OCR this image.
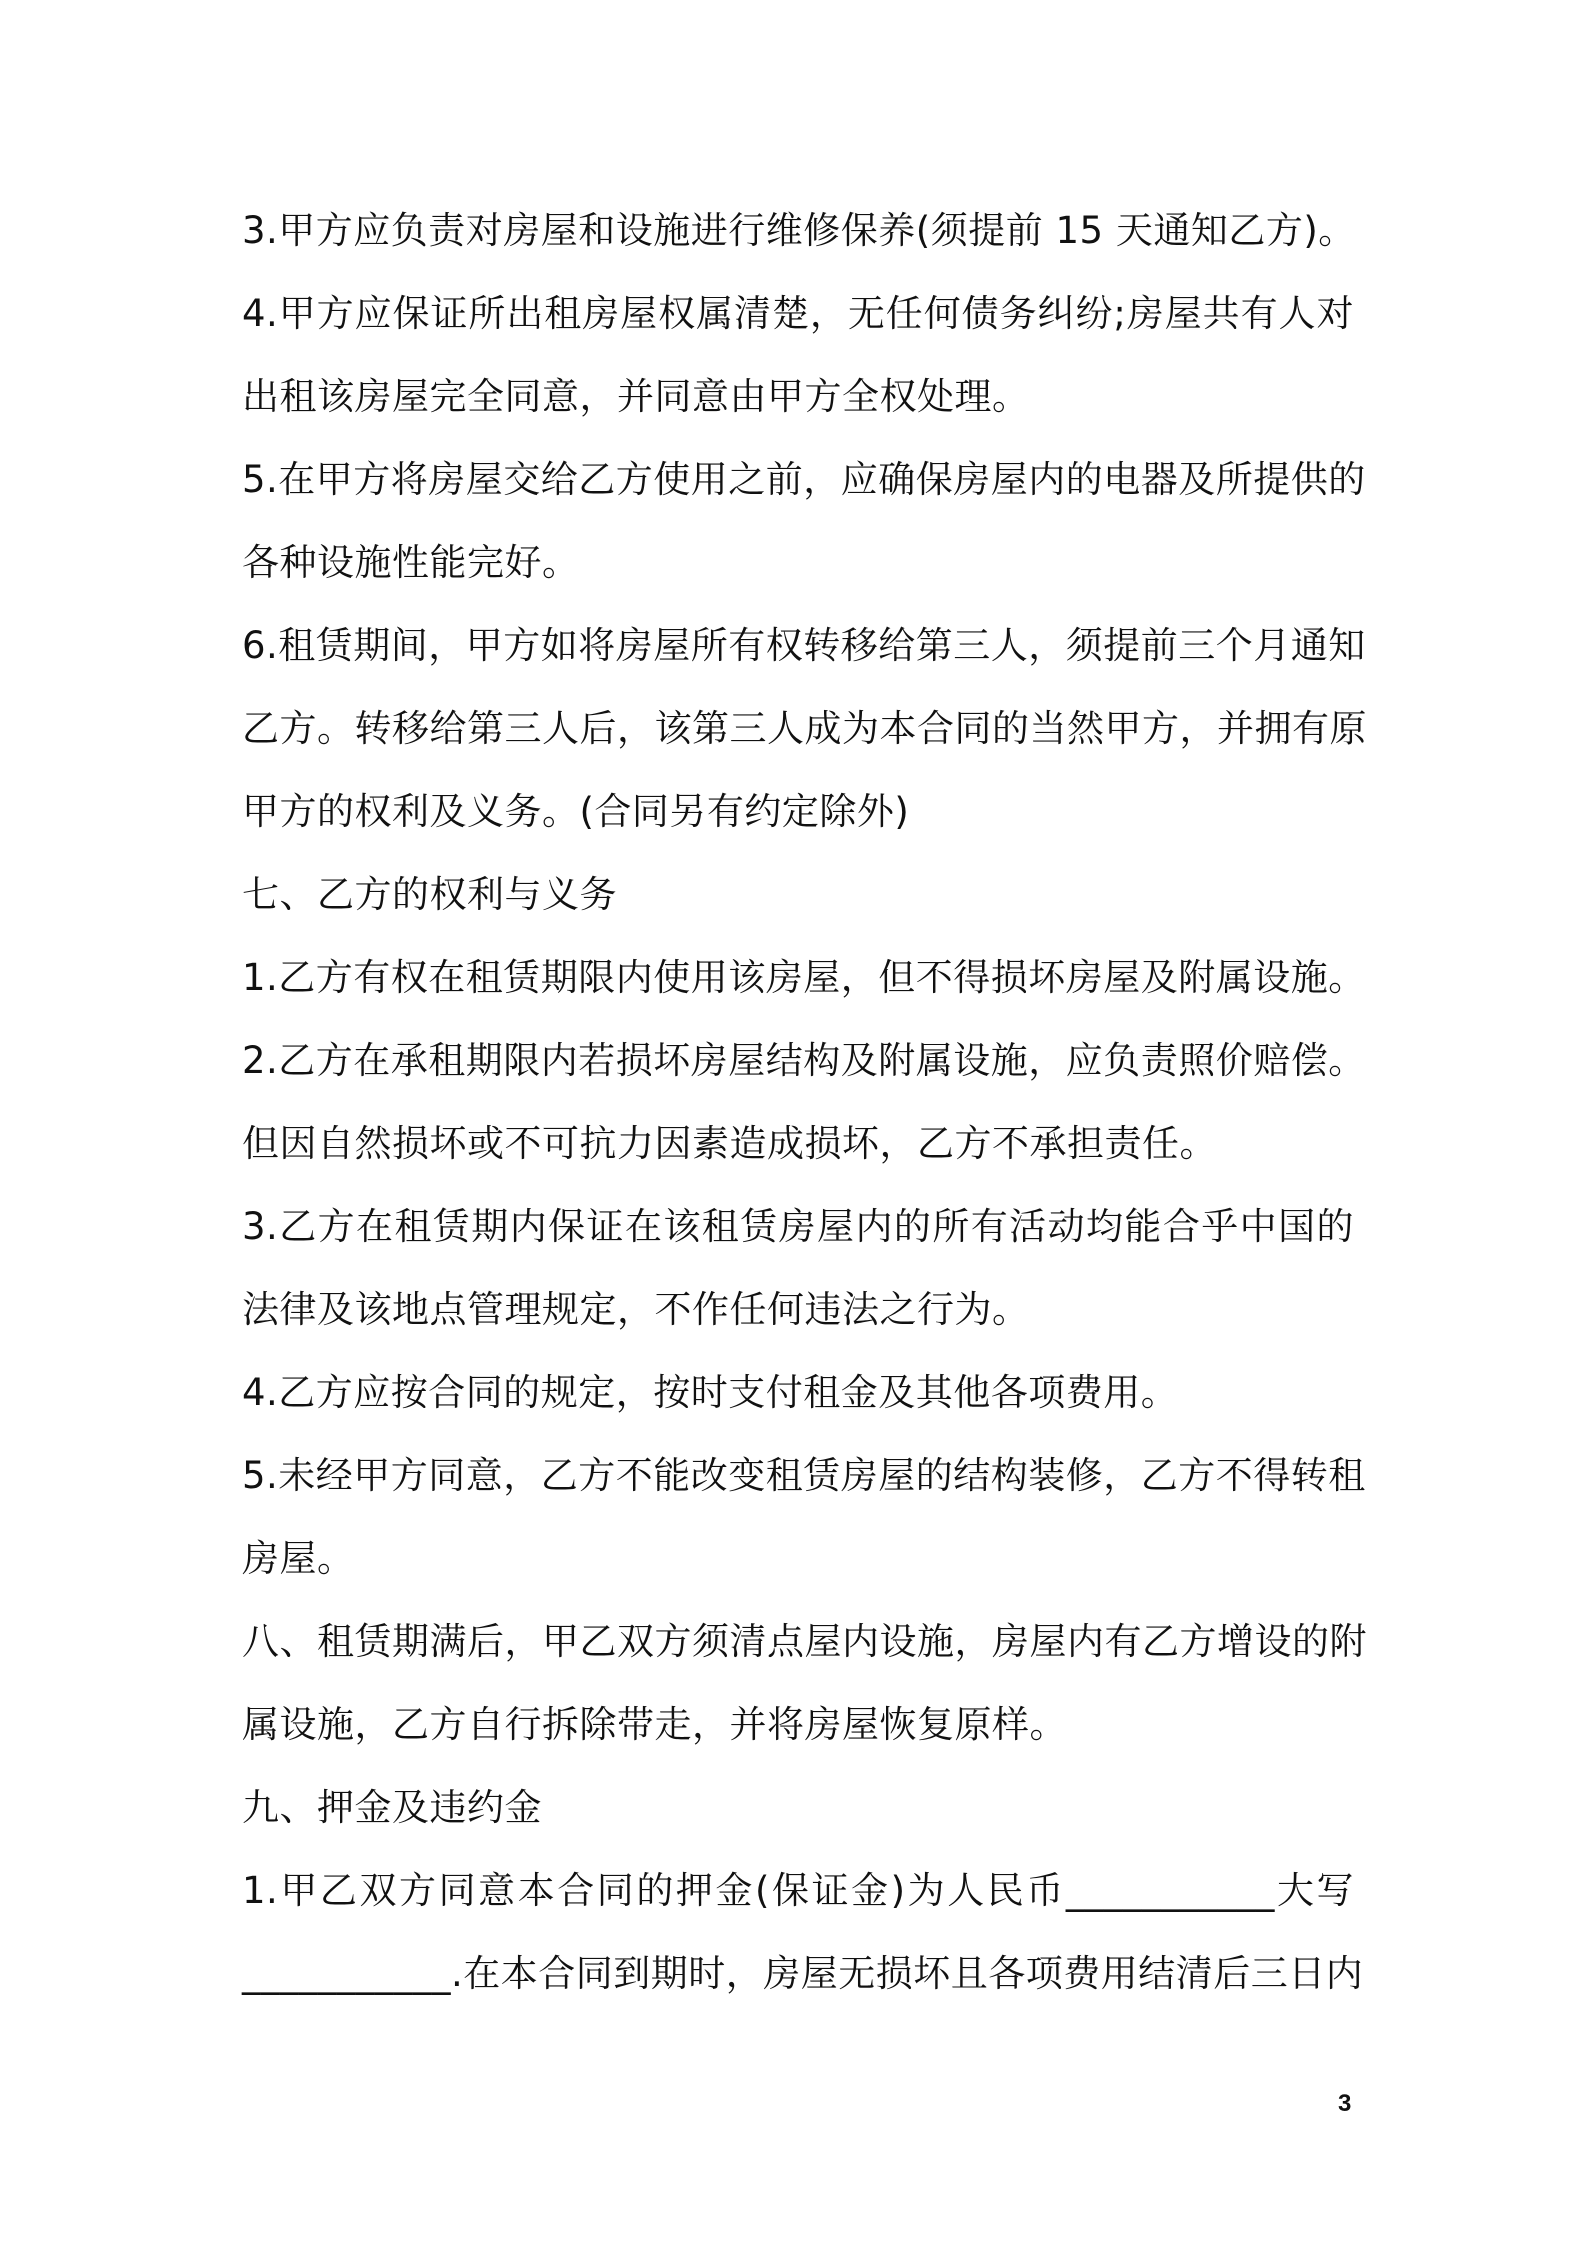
3.甲方应负责对房屋和设施进行维修保养(须提前 15 天通知乙方)。
4.甲方应保证所出租房屋权属清楚，无任何债务纠纷;房屋共有人对
出租该房屋完全同意，并同意由甲方全权处理。
5.在甲方将房屋交给乙方使用之前，应确保房屋内的电器及所提供的
各种设施性能完好。
6.租赁期间，甲方如将房屋所有权转移给第三人，须提前三个月通知
乙方。转移给第三人后，该第三人成为本合同的当然甲方，并拥有原
甲方的权利及义务。(合同另有约定除外)
七、乙方的权利与义务
1.乙方有权在租赁期限内使用该房屋，但不得损坏房屋及附属设施。
2.乙方在承租期限内若损坏房屋结构及附属设施，应负责照价赔偿。
但因自然损坏或不可抗力因素造成损坏，乙方不承担责任。
3.乙方在租赁期内保证在该租赁房屋内的所有活动均能合乎中国的
法律及该地点管理规定，不作任何违法之行为。
4.乙方应按合同的规定，按时支付租金及其他各项费用。
5.未经甲方同意，乙方不能改变租赁房屋的结构装修，乙方不得转租
房屋。
八、租赁期满后，甲乙双方须清点屋内设施，房屋内有乙方增设的附
属设施，乙方自行拆除带走，并将房屋恢复原样。
九、押金及违约金
1.甲乙双方同意本合同的押金(保证金)为人民币___________大写
___________.在本合同到期时，房屋无损坏且各项费用结清后三日内
3
